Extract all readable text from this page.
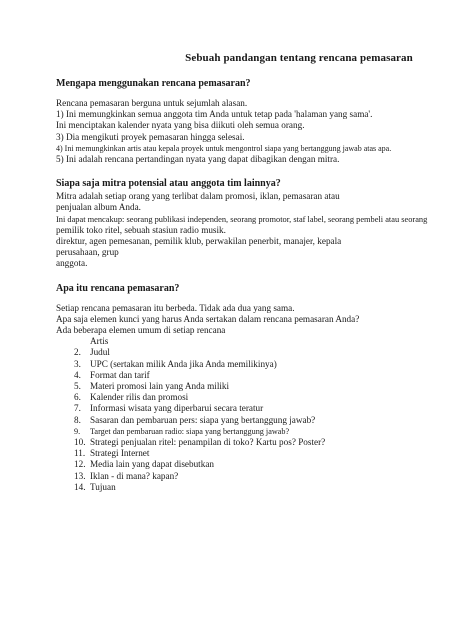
Sebuah pandangan tentang rencana pemasaran
Mengapa menggunakan rencana pemasaran?
Rencana pemasaran berguna untuk sejumlah alasan.
1) Ini memungkinkan semua anggota tim Anda untuk tetap pada 'halaman yang sama'.
Ini menciptakan kalender nyata yang bisa diikuti oleh semua orang.
3) Dia mengikuti proyek pemasaran hingga selesai.
4) Ini memungkinkan artis atau kepala proyek untuk mengontrol siapa yang bertanggung jawab atas apa.
5) Ini adalah rencana pertandingan nyata yang dapat dibagikan dengan mitra.
Siapa saja mitra potensial atau anggota tim lainnya?
Mitra adalah setiap orang yang terlibat dalam promosi, iklan, pemasaran atau
penjualan album Anda.
Ini dapat mencakup: seorang publikasi independen, seorang promotor, staf label, seorang pembeli atau seorang
pemilik toko ritel, sebuah stasiun radio musik.
direktur, agen pemesanan, pemilik klub, perwakilan penerbit, manajer, kepala
perusahaan, grup
anggota.
Apa itu rencana pemasaran?
Setiap rencana pemasaran itu berbeda. Tidak ada dua yang sama.
Apa saja elemen kunci yang harus Anda sertakan dalam rencana pemasaran Anda?
Ada beberapa elemen umum di setiap rencana
Artis
2. Judul
3. UPC (sertakan milik Anda jika Anda memilikinya)
4. Format dan tarif
5. Materi promosi lain yang Anda miliki
6. Kalender rilis dan promosi
7. Informasi wisata yang diperbarui secara teratur
8. Sasaran dan pembaruan pers: siapa yang bertanggung jawab?
9. Target dan pembaruan radio: siapa yang bertanggung jawab?
10. Strategi penjualan ritel: penampilan di toko? Kartu pos? Poster?
11. Strategi Internet
12. Media lain yang dapat disebutkan
13. Iklan - di mana? kapan?
14. Tujuan
